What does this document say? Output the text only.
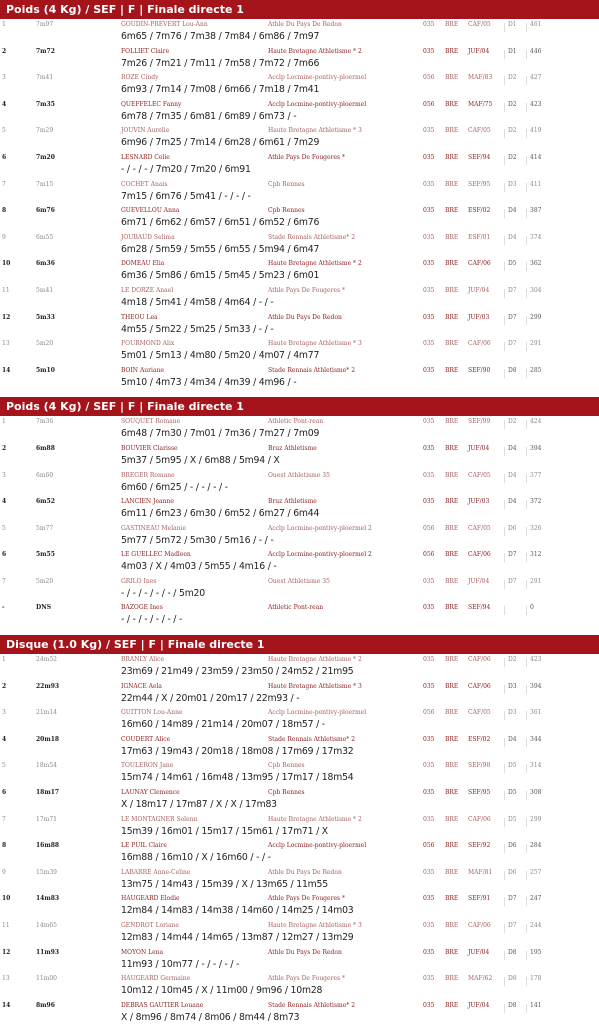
Poids (4 Kg) / SEF | F | Finale directe 1
1	7m97	GOUDIN-PREVERT Lou-Ann	Athle Du Pays De Redon	035 BRE CAF/05	D1 461
6m65 / 7m76 / 7m38 / 7m84 / 6m86 / 7m97
2	7m72	FOLLIET Claire	Haute Bretagne Athletisme * 2	035 BRE JUF/04	D1 446
7m26 / 7m21 / 7m11 / 7m58 / 7m72 / 7m66
3	7m41	ROZE Cindy	Acclp Locmine-pontivy-ploermel	056 BRE MAF/83	D2 427
6m93 / 7m14 / 7m08 / 6m66 / 7m18 / 7m41
4	7m35	QUEFFELEC Fanny	Acclp Locmine-pontivy-ploermel	056 BRE MAF/75	D2 423
6m78 / 7m35 / 6m81 / 6m89 / 6m73 / -
5	7m29	JOUVIN Aurelie	Haute Bretagne Athletisme * 3	035 BRE CAF/05	D2 419
6m96 / 7m25 / 7m14 / 6m28 / 6m61 / 7m29
6	7m20	LESNARD Celie	Athle Pays De Fougeres *	035 BRE SEF/94	D2 414
- / - / - / 7m20 / 7m20 / 6m91
7	7m15	COCHET Anais	Cpb Rennes	035 BRE SEF/95	D3 411
7m15 / 6m76 / 5m41 / - / - / -
8	6m76	GUEVELLOU Anna	Cpb Rennes	035 BRE ESF/02	D4 387
6m71 / 6m62 / 6m57 / 6m51 / 6m52 / 6m76
9	6m55	JOUBAUD Selima	Stade Rennais Athletisme* 2	035 BRE ESF/01	D4 374
6m28 / 5m59 / 5m55 / 6m55 / 5m94 / 6m47
10	6m36	DOMEAU Elia	Haute Bretagne Athletisme * 2	035 BRE CAF/06	D5 362
6m36 / 5m86 / 6m15 / 5m45 / 5m23 / 6m01
11	5m41	LE DORZE Anael	Athle Pays De Fougeres *	035 BRE JUF/04	D7 304
4m18 / 5m41 / 4m58 / 4m64 / - / -
12	5m33	THEOU Lea	Athle Du Pays De Redon	035 BRE JUF/03	D7 299
4m55 / 5m22 / 5m25 / 5m33 / - / -
13	5m20	FOURMOND Alix	Haute Bretagne Athletisme * 3	035 BRE CAF/06	D7 291
5m01 / 5m13 / 4m80 / 5m20 / 4m07 / 4m77
14	5m10	BOIN Auriane	Stade Rennais Athletisme* 2	035 BRE SEF/90	D8 285
5m10 / 4m73 / 4m34 / 4m39 / 4m96 / -
Poids (4 Kg) / SEF | F | Finale directe 1
1	7m36	SOUQUET Romane	Athletic Pont-rean	035 BRE SEF/99	D2 424
6m48 / 7m30 / 7m01 / 7m36 / 7m27 / 7m09
2	6m88	BOUVIER Clarisse	Bruz Athletisme	035 BRE JUF/04	D4 394
5m37 / 5m95 / X / 6m88 / 5m94 / X
3	6m60	BREGER Romane	Ouest Athletisme 35	035 BRE CAF/05	D4 377
6m60 / 6m25 / - / - / - / -
4	6m52	LANCIEN Jeanne	Bruz Athletisme	035 BRE JUF/03	D4 372
6m11 / 6m23 / 6m30 / 6m52 / 6m27 / 6m44
5	5m77	GASTINEAU Melanie	Acclp Locmine-pontivy-ploermel 2	056 BRE CAF/05	D6 326
5m77 / 5m72 / 5m30 / 5m16 / - / -
6	5m55	LE GUELLEC Madleen	Acclp Locmine-pontivy-ploermel 2	056 BRE CAF/06	D7 312
4m03 / X / 4m03 / 5m55 / 4m16 / -
7	5m20	GRILO Ines	Ouest Athletisme 35	035 BRE JUF/04	D7 291
- / - / - / - / - / 5m20
-	DNS	BAZOGE Ines	Athletic Pont-rean	035 BRE SEF/94	0
- / - / - / - / - / -
Disque (1.0 Kg) / SEF | F | Finale directe 1
1	24m52	BRANLY Alice	Haute Bretagne Athletisme * 2	035 BRE CAF/06	D2 423
23m69 / 21m49 / 23m59 / 23m50 / 24m52 / 21m95
2	22m93	IGNACE Aela	Haute Bretagne Athletisme * 3	035 BRE CAF/06	D3 394
22m44 / X / 20m01 / 20m17 / 22m93 / -
3	21m14	GUITTON Lou-Anne	Acclp Locmine-pontivy-ploermel	056 BRE CAF/05	D3 361
16m60 / 14m89 / 21m14 / 20m07 / 18m57 / -
4	20m18	COUDERT Alice	Stade Rennais Athletisme* 2	035 BRE ESF/02	D4 344
17m63 / 19m43 / 20m18 / 18m08 / 17m69 / 17m32
5	18m54	TOULERON Jane	Cpb Rennes	035 BRE SEF/98	D5 314
15m74 / 14m61 / 16m48 / 13m95 / 17m17 / 18m54
6	18m17	LAUNAY Clemence	Cpb Rennes	035 BRE SEF/95	D5 308
X / 18m17 / 17m87 / X / X / 17m83
7	17m71	LE MONTAGNER Solenn	Haute Bretagne Athletisme * 2	035 BRE CAF/06	D5 299
15m39 / 16m01 / 15m17 / 15m61 / 17m71 / X
8	16m88	LE PUIL Claire	Acclp Locmine-pontivy-ploermel	056 BRE SEF/92	D6 284
16m88 / 16m10 / X / 16m60 / - / -
9	15m39	LABARRE Anne-Celine	Athle Du Pays De Redon	035 BRE MAF/81	D6 257
13m75 / 14m43 / 15m39 / X / 13m65 / 11m55
10	14m83	HAUGEARD Elodie	Athle Pays De Fougeres *	035 BRE SEF/91	D7 247
12m84 / 14m83 / 14m38 / 14m60 / 14m25 / 14m03
11	14m65	GENDROT Loriane	Haute Bretagne Athletisme * 3	035 BRE CAF/06	D7 244
12m83 / 14m44 / 14m65 / 13m87 / 12m27 / 13m29
12	11m93	MOYON Lena	Athle Du Pays De Redon	035 BRE JUF/04	D8 195
11m93 / 10m77 / - / - / - / -
13	11m00	HAUGEARD Germaine	Athle Pays De Fougeres *	035 BRE MAF/62	D8 178
10m12 / 10m45 / X / 11m00 / 9m96 / 10m28
14	8m96	DEBRAS GAUTIER Louane	Stade Rennais Athletisme* 2	035 BRE JUF/04	D8 141
X / 8m96 / 8m74 / 8m06 / 8m44 / 8m73
